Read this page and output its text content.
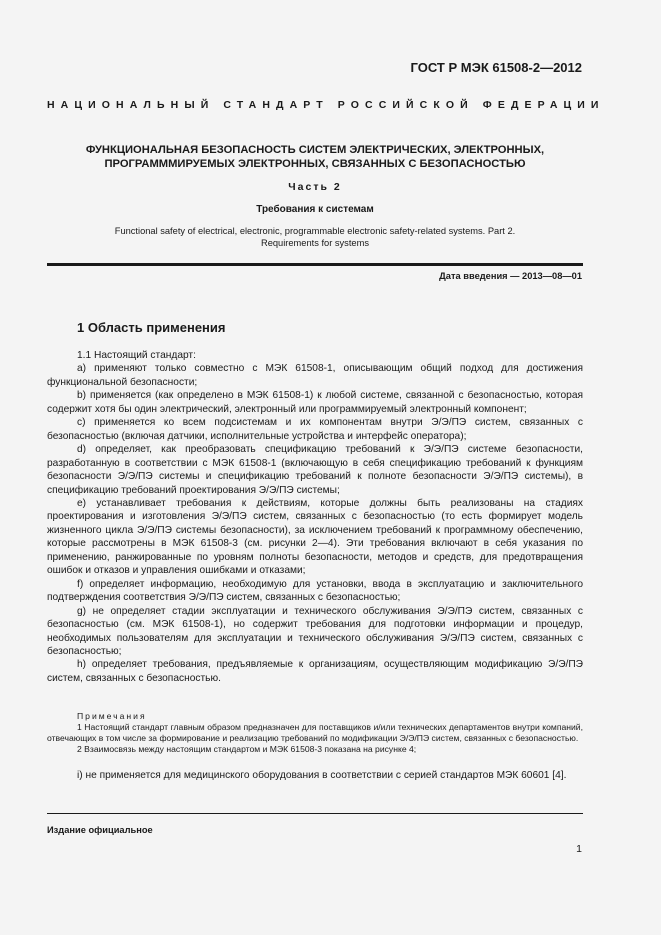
ГОСТ Р МЭК 61508-2—2012
НАЦИОНАЛЬНЫЙ СТАНДАРТ РОССИЙСКОЙ ФЕДЕРАЦИИ
ФУНКЦИОНАЛЬНАЯ БЕЗОПАСНОСТЬ СИСТЕМ ЭЛЕКТРИЧЕСКИХ, ЭЛЕКТРОННЫХ,
ПРОГРАМММИРУЕМЫХ ЭЛЕКТРОННЫХ, СВЯЗАННЫХ С БЕЗОПАСНОСТЬЮ
Часть 2
Требования к системам
Functional safety of electrical, electronic, programmable electronic safety-related systems. Part 2.
Requirements for systems
Дата введения — 2013—08—01
1 Область применения

1.1 Настоящий стандарт:

а) применяют только совместно с МЭК 61508-1, описывающим общий подход для достижения функциональной безопасности;

b) применяется (как определено в МЭК 61508-1) к любой системе, связанной с безопасностью, которая содержит хотя бы один электрический, электронный или программируемый электронный компонент;

c) применяется ко всем подсистемам и их компонентам внутри Э/Э/ПЭ систем, связанных с безопасностью (включая датчики, исполнительные устройства и интерфейс оператора);

d) определяет, как преобразовать спецификацию требований к Э/Э/ПЭ системе безопасности, разработанную в соответствии с МЭК 61508-1 (включающую в себя спецификацию требований к функциям безопасности Э/Э/ПЭ системы и спецификацию требований к полноте безопасности Э/Э/ПЭ системы), в спецификацию требований проектирования Э/Э/ПЭ системы;

e) устанавливает требования к действиям, которые должны быть реализованы на стадиях проектирования и изготовления Э/Э/ПЭ систем, связанных с безопасностью (то есть формирует модель жизненного цикла Э/Э/ПЭ системы безопасности), за исключением требований к программному обеспечению, которые рассмотрены в МЭК 61508-3 (см. рисунки 2—4). Эти требования включают в себя указания по применению, ранжированные по уровням полноты безопасности, методов и средств, для предотвращения ошибок и отказов и управления ошибками и отказами;

f) определяет информацию, необходимую для установки, ввода в эксплуатацию и заключительного подтверждения соответствия Э/Э/ПЭ систем, связанных с безопасностью;

g) не определяет стадии эксплуатации и технического обслуживания Э/Э/ПЭ систем, связанных с безопасностью (см. МЭК 61508-1), но содержит требования для подготовки информации и процедур, необходимых пользователям для эксплуатации и технического обслуживания Э/Э/ПЭ систем, связанных с безопасностью;

h) определяет требования, предъявляемые к организациям, осуществляющим модификацию Э/Э/ПЭ систем, связанных с безопасностью.

Примечания

1 Настоящий стандарт главным образом предназначен для поставщиков и/или технических департаментов внутри компаний, отвечающих в том числе за формирование и реализацию требований по модификации Э/Э/ПЭ систем, связанных с безопасностью.

2 Взаимосвязь между настоящим стандартом и МЭК 61508-3 показана на рисунке 4;

i) не применяется для медицинского оборудования в соответствии с серией стандартов МЭК 60601 [4].

Издание официальное
1
